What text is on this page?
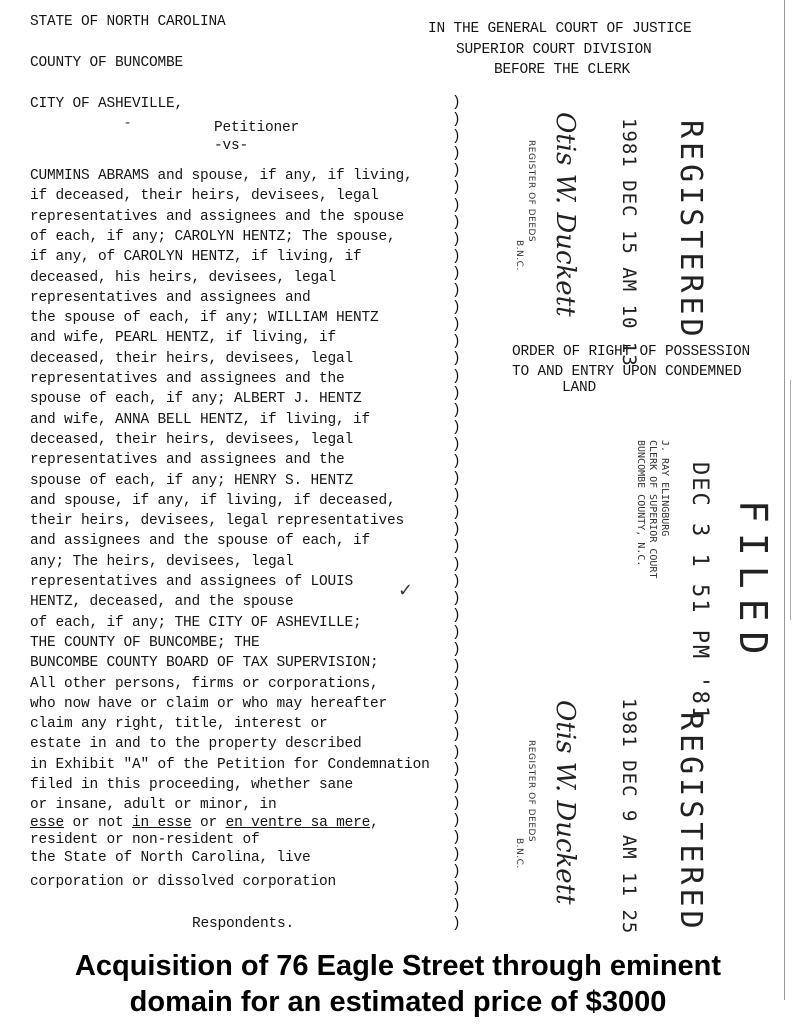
STATE OF NORTH CAROLINA
COUNTY OF BUNCOMBE
IN THE GENERAL COURT OF JUSTICE
SUPERIOR COURT DIVISION
BEFORE THE CLERK
CITY OF ASHEVILLE,
Petitioner
-vs-
-
CUMMINS ABRAMS and spouse, if any, if living,
if deceased, their heirs, devisees, legal
representatives and assignees and the spouse
of each, if any; CAROLYN HENTZ; The spouse,
if any, of CAROLYN HENTZ, if living, if
deceased, his heirs, devisees, legal
representatives and assignees and
the spouse of each, if any; WILLIAM HENTZ
and wife, PEARL HENTZ, if living, if
deceased, their heirs, devisees, legal
representatives and assignees and the
spouse of each, if any; ALBERT J. HENTZ
and wife, ANNA BELL HENTZ, if living, if
deceased, their heirs, devisees, legal
representatives and assignees and the
spouse of each, if any; HENRY S. HENTZ
and spouse, if any, if living, if deceased,
their heirs, devisees, legal representatives
and assignees and the spouse of each, if
any; The heirs, devisees, legal
representatives and assignees of LOUIS
HENTZ, deceased, and the spouse
of each, if any; THE CITY OF ASHEVILLE;
THE COUNTY OF BUNCOMBE; THE
BUNCOMBE COUNTY BOARD OF TAX SUPERVISION;
All other persons, firms or corporations,
who now have or claim or who may hereafter
claim any right, title, interest or
estate in and to the property described
in Exhibit "A" of the Petition for Condemnation
filed in this proceeding, whether sane
or insane, adult or minor, in
esse or not in esse or en ventre sa mere,
resident or non-resident of
the State of North Carolina, live
corporation or dissolved corporation
Respondents.
)
)
)
)
)
)
)
)
)
)
)
)
)
)
)
)
)
)
)
)
)
)
)
)
)
)
)
)
)
)
)
)
)
)
)
)
)
)
)
)
)
)
)
)
)
)
)
)
)
ORDER OF RIGHT OF POSSESSION
TO AND ENTRY UPON CONDEMNED
LAND
REGISTERED
1981 DEC 15 AM 10 13
Otis W. Duckett
REGISTER OF DEEDS
B.N.C.
FILED
DEC 3 1 51 PM '81
J. RAY ELINGBURG
CLERK OF SUPERIOR COURT
BUNCOMBE COUNTY, N.C.
REGISTERED
1981 DEC 9 AM 11 25
Otis W. Duckett
REGISTER OF DEEDS
B.N.C.
✓
Acquisition of 76 Eagle Street through eminent
domain for an estimated price of $3000
